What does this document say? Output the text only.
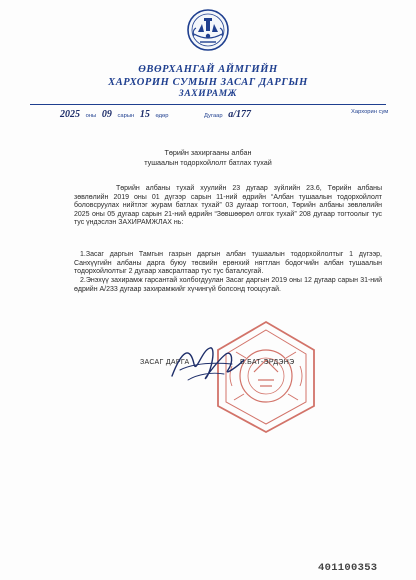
ӨВӨРХАНГАЙ АЙМГИЙН
ХАРХОРИН СУМЫН ЗАСАГ ДАРГЫН
ЗАХИРАМЖ
2025 оны 09 сарын 15 өдөр	Дугаар а/177	Хархорин сум
Төрийн захиргааны албан
тушаалын тодорхойлолт батлах тухай
Төрийн албаны тухай хуулийн 23 дугаар зүйлийн 23.6, Төрийн албаны зөвлөлийн 2019 оны 01 дүгээр сарын 11-ний өдрийн “Албан тушаалын тодорхойлолт боловсруулах нийтлэг журам батлах тухай” 03 дугаар тогтоол, Төрийн албаны зөвлөлийн 2025 оны 05 дугаар сарын 21-ний өдрийн “Зөвшөөрөл олгох тухай” 208 дугаар тогтоолыг тус тус үндэслэн ЗАХИРАМЖЛАХ нь:
1.Засаг даргын Тамгын газрын даргын албан тушаалын тодорхойлолтыг 1 дүгээр, Санхүүгийн албаны дарга буюу төсвийн ерөнхий нягтлан бодогчийн албан тушаалын тодорхойлолтыг 2 дугаар хавсралтаар тус тус баталсугай.
2.Энэхүү захирамж гарсантай холбогдуулан Засаг даргын 2019 оны 12 дугаар сарын 31-ний өдрийн А/233 дугаар захирамжийг хүчингүй болсонд тооцсугай.
ЗАСАГ ДАРГА	Б.БАТ-ЭРДЭНЭ
401100353
